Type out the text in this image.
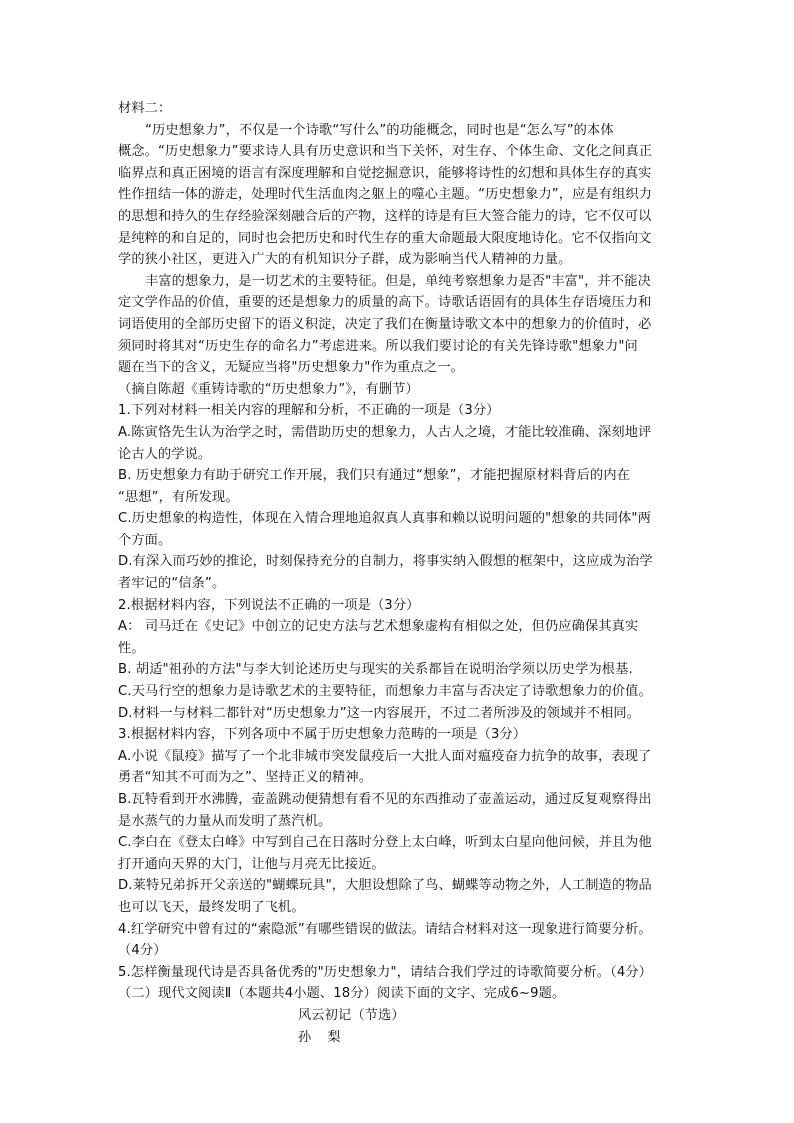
材料二：
“历史想象力”，不仅是一个诗歌“写什么”的功能概念，同时也是“怎么写”的本体
概念。“历史想象力”要求诗人具有历史意识和当下关怀，对生存、个体生命、文化之间真正
临界点和真正困境的语言有深度理解和自觉挖掘意识，能够将诗性的幻想和具体生存的真实
性作扭结一体的游走，处理时代生活血肉之躯上的噬心主题。“历史想象力”，应是有组织力
的思想和持久的生存经验深刻融合后的产物，这样的诗是有巨大签合能力的诗，它不仅可以
是纯粹的和自足的，同时也会把历史和时代生存的重大命题最大限度地诗化。它不仅指向文
学的狭小社区，更进入广大的有机知识分子群，成为影响当代人精神的力量。
丰富的想象力，是一切艺术的主要特征。但是，单纯考察想象力是否"丰富"，并不能决
定文学作品的价值，重要的还是想象力的质量的高下。诗歌话语固有的具体生存语境压力和
词语使用的全部历史留下的语义积淀，决定了我们在衡量诗歌文本中的想象力的价值时，必
须同时将其对“历史生存的命名力”考虑进来。所以我们要讨论的有关先锋诗歌"想象力"问
题在当下的含义，无疑应当将"历史想象力"作为重点之一。
（摘自陈超《重铸诗歌的“历史想象力”》，有删节）
1.下列对材料一相关内容的理解和分析，不正确的一项是（3分）
A.陈寅恪先生认为治学之时，需借助历史的想象力，人古人之境，才能比较准确、深刻地评
论古人的学说。
B. 历史想象力有助于研究工作开展，我们只有通过“想象”，才能把握原材料背后的内在
“思想”，有所发现。
C.历史想象的构造性，体现在入情合理地追叙真人真事和赖以说明问题的"想象的共同体"两
个方面。
D.有深入而巧妙的推论，时刻保持充分的自制力，将事实纳入假想的框架中，这应成为治学
者牢记的“信条”。
2.根据材料内容，下列说法不正确的一项是（3分）
A： 司马迁在《史记》中创立的记史方法与艺术想象虚构有相似之处，但仍应确保其真实
性。
B. 胡适"祖孙的方法"与李大钊论述历史与现实的关系都旨在说明治学须以历史学为根基.
C.天马行空的想象力是诗歌艺术的主要特征，而想象力丰富与否决定了诗歌想象力的价值。
D.材料一与材料二都针对“历史想象力”这一内容展开，不过二者所涉及的领域并不相同。
3.根据材料内容，下列各项中不属于历史想象力范畴的一项是（3分）
A.小说《鼠疫》描写了一个北非城市突发鼠疫后一大批人面对瘟疫奋力抗争的故事，表现了
勇者“知其不可而为之”、坚持正义的精神。
B.瓦特看到开水沸腾，壶盖跳动便猜想有看不见的东西推动了壶盖运动，通过反复观察得出
是水蒸气的力量从而发明了蒸汽机。
C.李白在《登太白峰》中写到自己在日落时分登上太白峰，听到太白星向他问候，并且为他
打开通向天界的大门，让他与月亮无比接近。
D.莱特兄弟拆开父亲送的"蝴蝶玩具"，大胆设想除了鸟、蝴蝶等动物之外，人工制造的物品
也可以飞天，最终发明了飞机。
4.红学研究中曾有过的“索隐派”有哪些错误的做法。请结合材料对这一现象进行简要分析。
（4分）
5.怎样衡量现代诗是否具备优秀的"历史想象力"，请结合我们学过的诗歌简要分析。（4分）
（二）现代文阅读Ⅱ（本题共4小题、18分）阅读下面的文字、完成6~9题。
风云初记（节选）
孙 梨
